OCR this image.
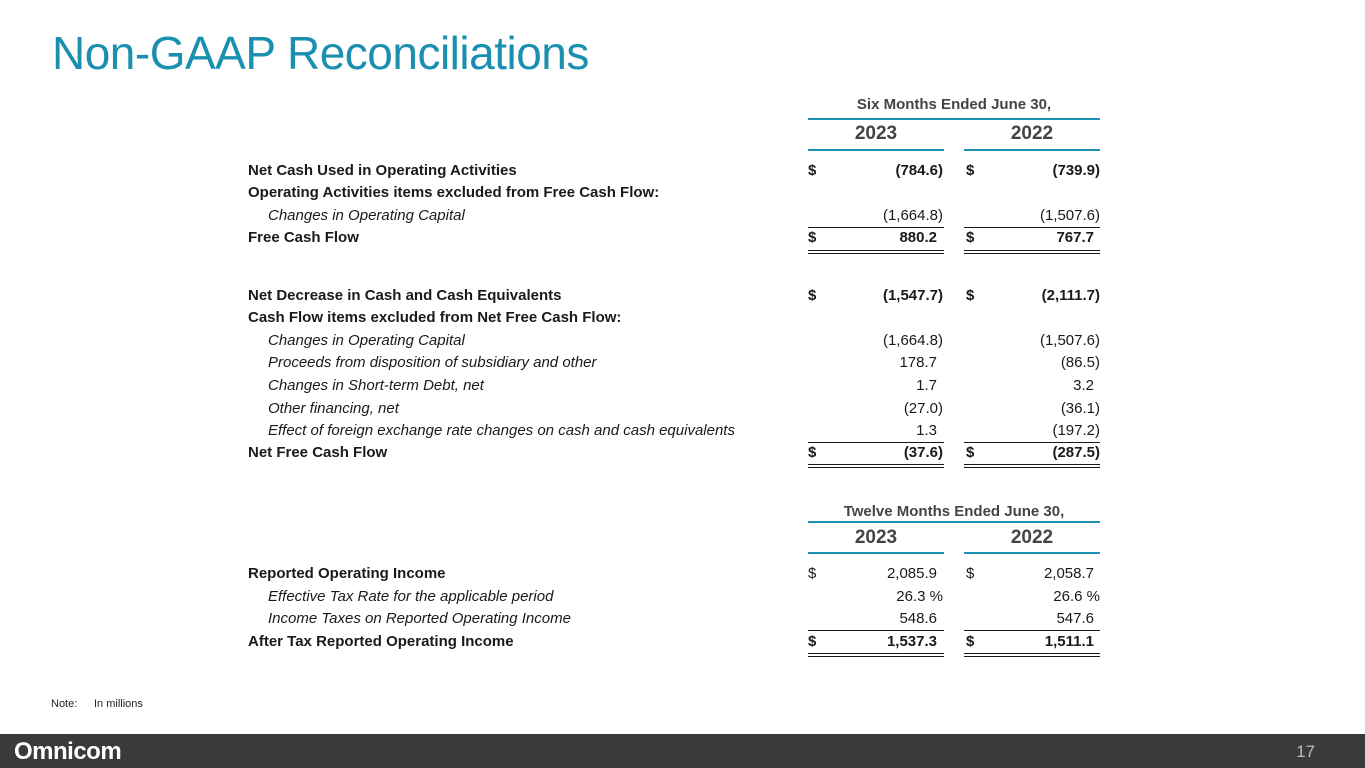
Non-GAAP Reconciliations
Six Months Ended June 30,
2023	2022
Net Cash Used in Operating Activities	$	(784.6) $	(739.9)
Operating Activities items excluded from Free Cash Flow:
Changes in Operating Capital	(1,664.8)	(1,507.6)
Free Cash Flow	$	880.2	$	767.7
Net Decrease in Cash and Cash Equivalents	$	(1,547.7) $	(2,111.7)
Cash Flow items excluded from Net Free Cash Flow:
Changes in Operating Capital	(1,664.8)	(1,507.6)
Proceeds from disposition of subsidiary and other	178.7	(86.5)
Changes in Short-term Debt, net	1.7	3.2
Other financing, net	(27.0)	(36.1)
Effect of foreign exchange rate changes on cash and cash equivalents	1.3	(197.2)
Net Free Cash Flow	$	(37.6) $	(287.5)
Twelve Months Ended June 30,
2023	2022
Reported Operating Income	$	2,085.9	$	2,058.7
Effective Tax Rate for the applicable period	26.3 %	26.6 %
Income Taxes on Reported Operating Income	548.6	547.6
After Tax Reported Operating Income	$	1,537.3	$	1,511.1
Note: In millions
Omnicom	17
